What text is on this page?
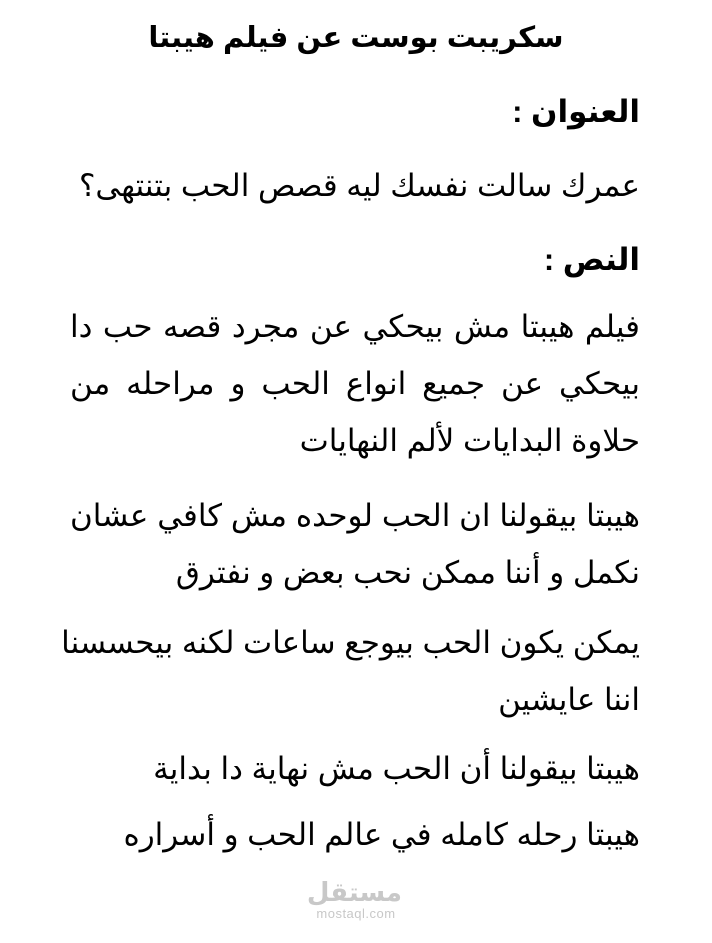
سكريبت بوست عن فيلم هيبتا
العنوان :
عمرك سالت نفسك ليه قصص الحب بتنتهى؟
النص :
فيلم هيبتا مش بيحكي عن مجرد قصه حب دا
بيحكي عن جميع انواع الحب و مراحله من
حلاوة البدايات لألم النهايات
هيبتا بيقولنا ان الحب لوحده مش كافي عشان
نكمل و أننا ممكن نحب بعض و نفترق
يمكن يكون الحب بيوجع ساعات لكنه بيحسسنا
اننا عايشين
هيبتا بيقولنا أن الحب مش نهاية دا بداية
هيبتا رحله كامله في عالم الحب و أسراره
مستقل
mostaql.com
